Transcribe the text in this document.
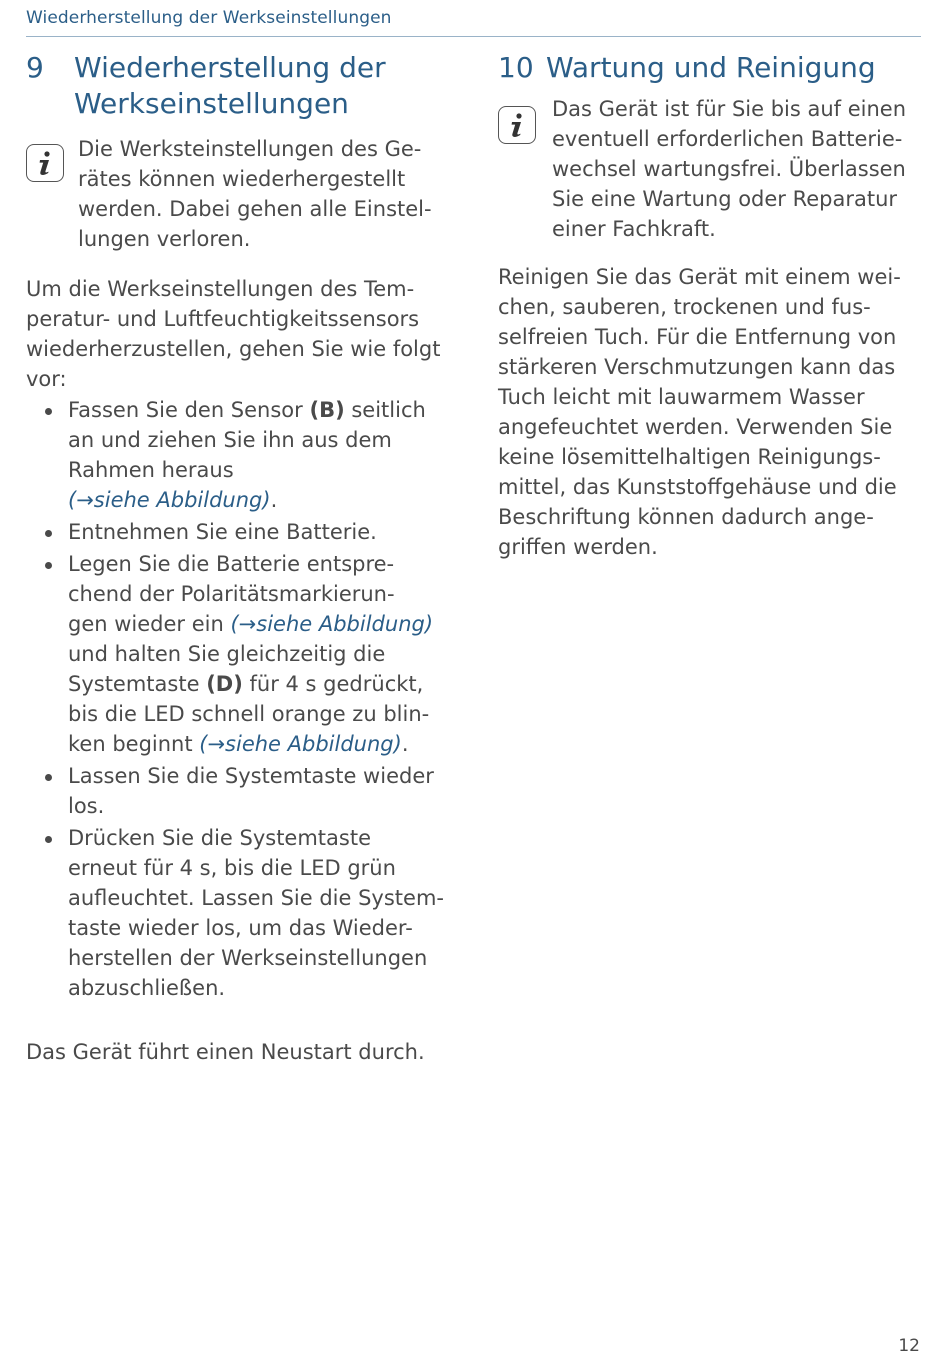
Wiederherstellung der Werkseinstellungen
9	Wiederherstellung der
Werkseinstellungen

Die Werksteinstellungen des Ge-

rätes können wiederhergestellt

werden. Dabei gehen alle Einstel-

lungen verloren.

Um die Werkseinstellungen des Tem-

peratur- und Luftfeuchtigkeitssensors

wiederherzustellen, gehen Sie wie folgt

vor:

Fassen Sie den Sensor (B) seitlich
an und ziehen Sie ihn aus dem
Rahmen heraus
(→siehe Abbildung).
Entnehmen Sie eine Batterie.
Legen Sie die Batterie entspre-
chend der Polaritätsmarkierun-
gen wieder ein (→siehe Abbildung)
und halten Sie gleichzeitig die
Systemtaste (D) für 4 s gedrückt,
bis die LED schnell orange zu blin-
ken beginnt (→siehe Abbildung).
Lassen Sie die Systemtaste wieder
los.
Drücken Sie die Systemtaste
erneut für 4 s, bis die LED grün
aufleuchtet. Lassen Sie die System-
taste wieder los, um das Wieder-
herstellen der Werkseinstellungen
abzuschließen.

Das Gerät führt einen Neustart durch.

10 Wartung und Reinigung

Das Gerät ist für Sie bis auf einen

eventuell erforderlichen Batterie-

wechsel wartungsfrei. Überlassen

Sie eine Wartung oder Reparatur

einer Fachkraft.

Reinigen Sie das Gerät mit einem wei-

chen, sauberen, trockenen und fus-

selfreien Tuch. Für die Entfernung von

stärkeren Verschmutzungen kann das

Tuch leicht mit lauwarmem Wasser

angefeuchtet werden. Verwenden Sie

keine lösemittelhaltigen Reinigungs-

mittel, das Kunststoffgehäuse und die

Beschriftung können dadurch ange-

griffen werden.

12
